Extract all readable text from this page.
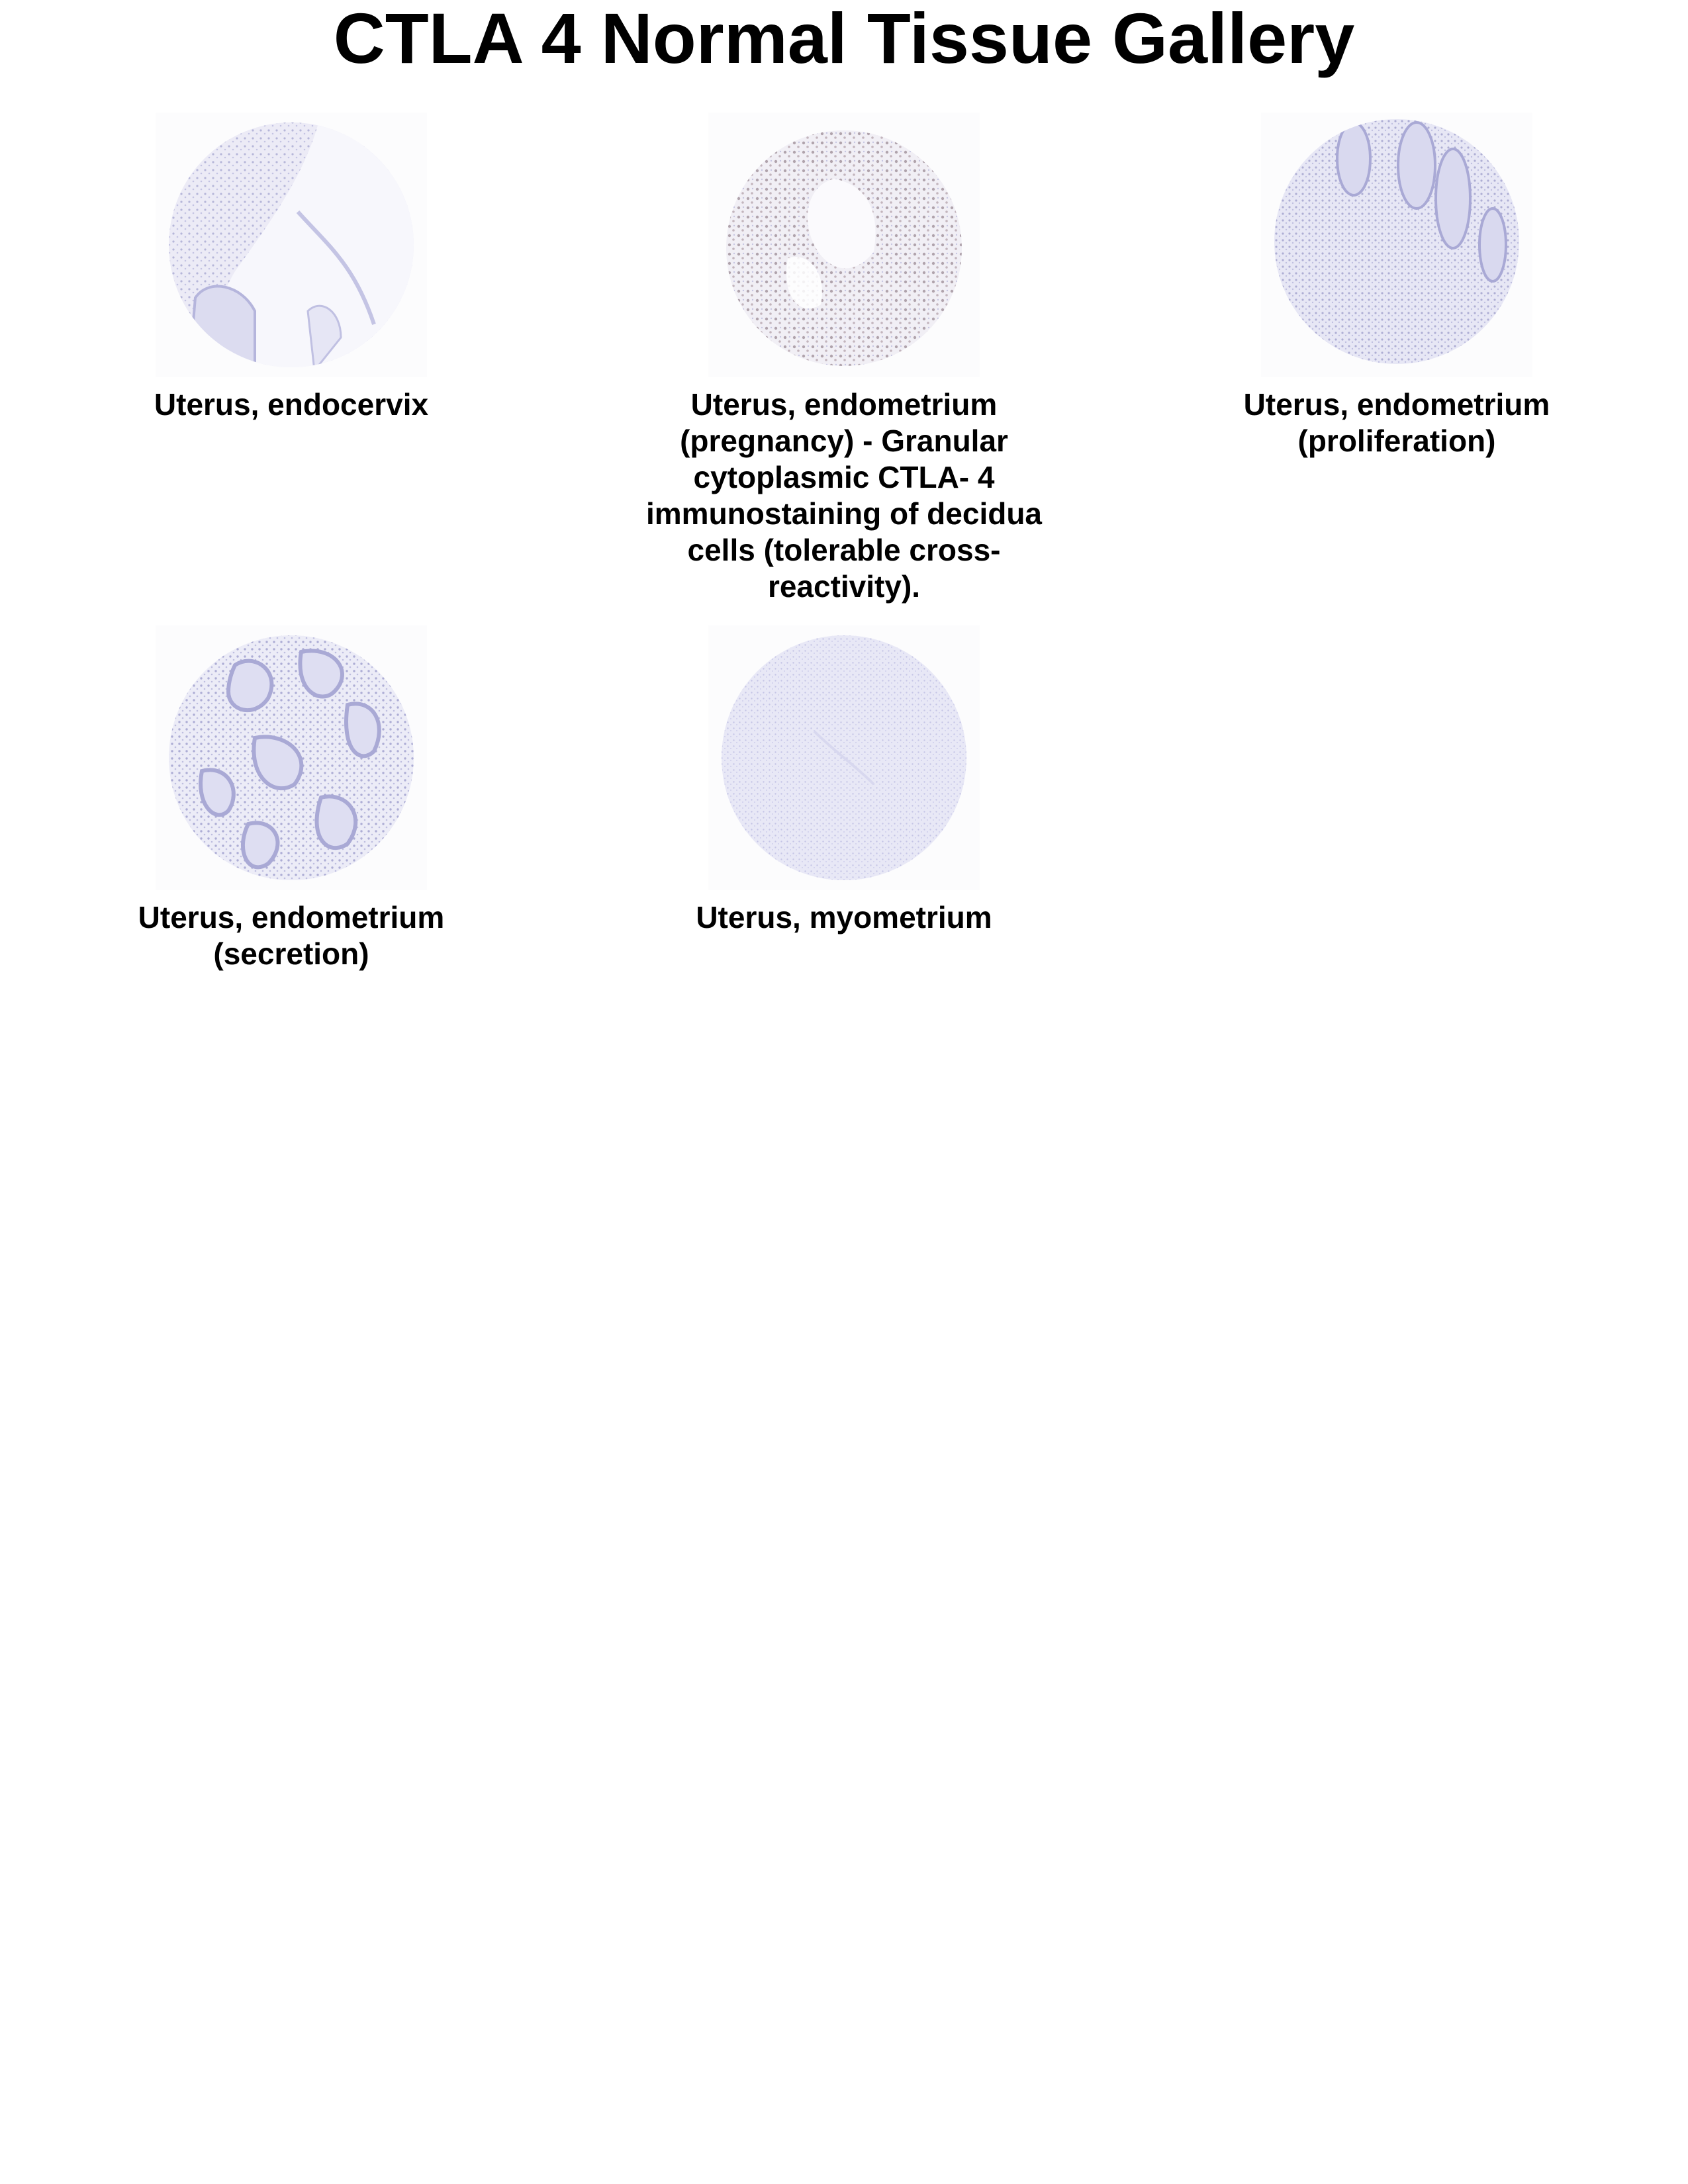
CTLA 4 Normal Tissue Gallery
Uterus, endocervix	Uterus, endometrium (pregnancy) - Granular cytoplasmic CTLA- 4 immunostaining of decidua cells (tolerable cross- reactivity).
Uterus, endometrium (proliferation)
Uterus, endometrium (secretion)
Uterus, myometrium
